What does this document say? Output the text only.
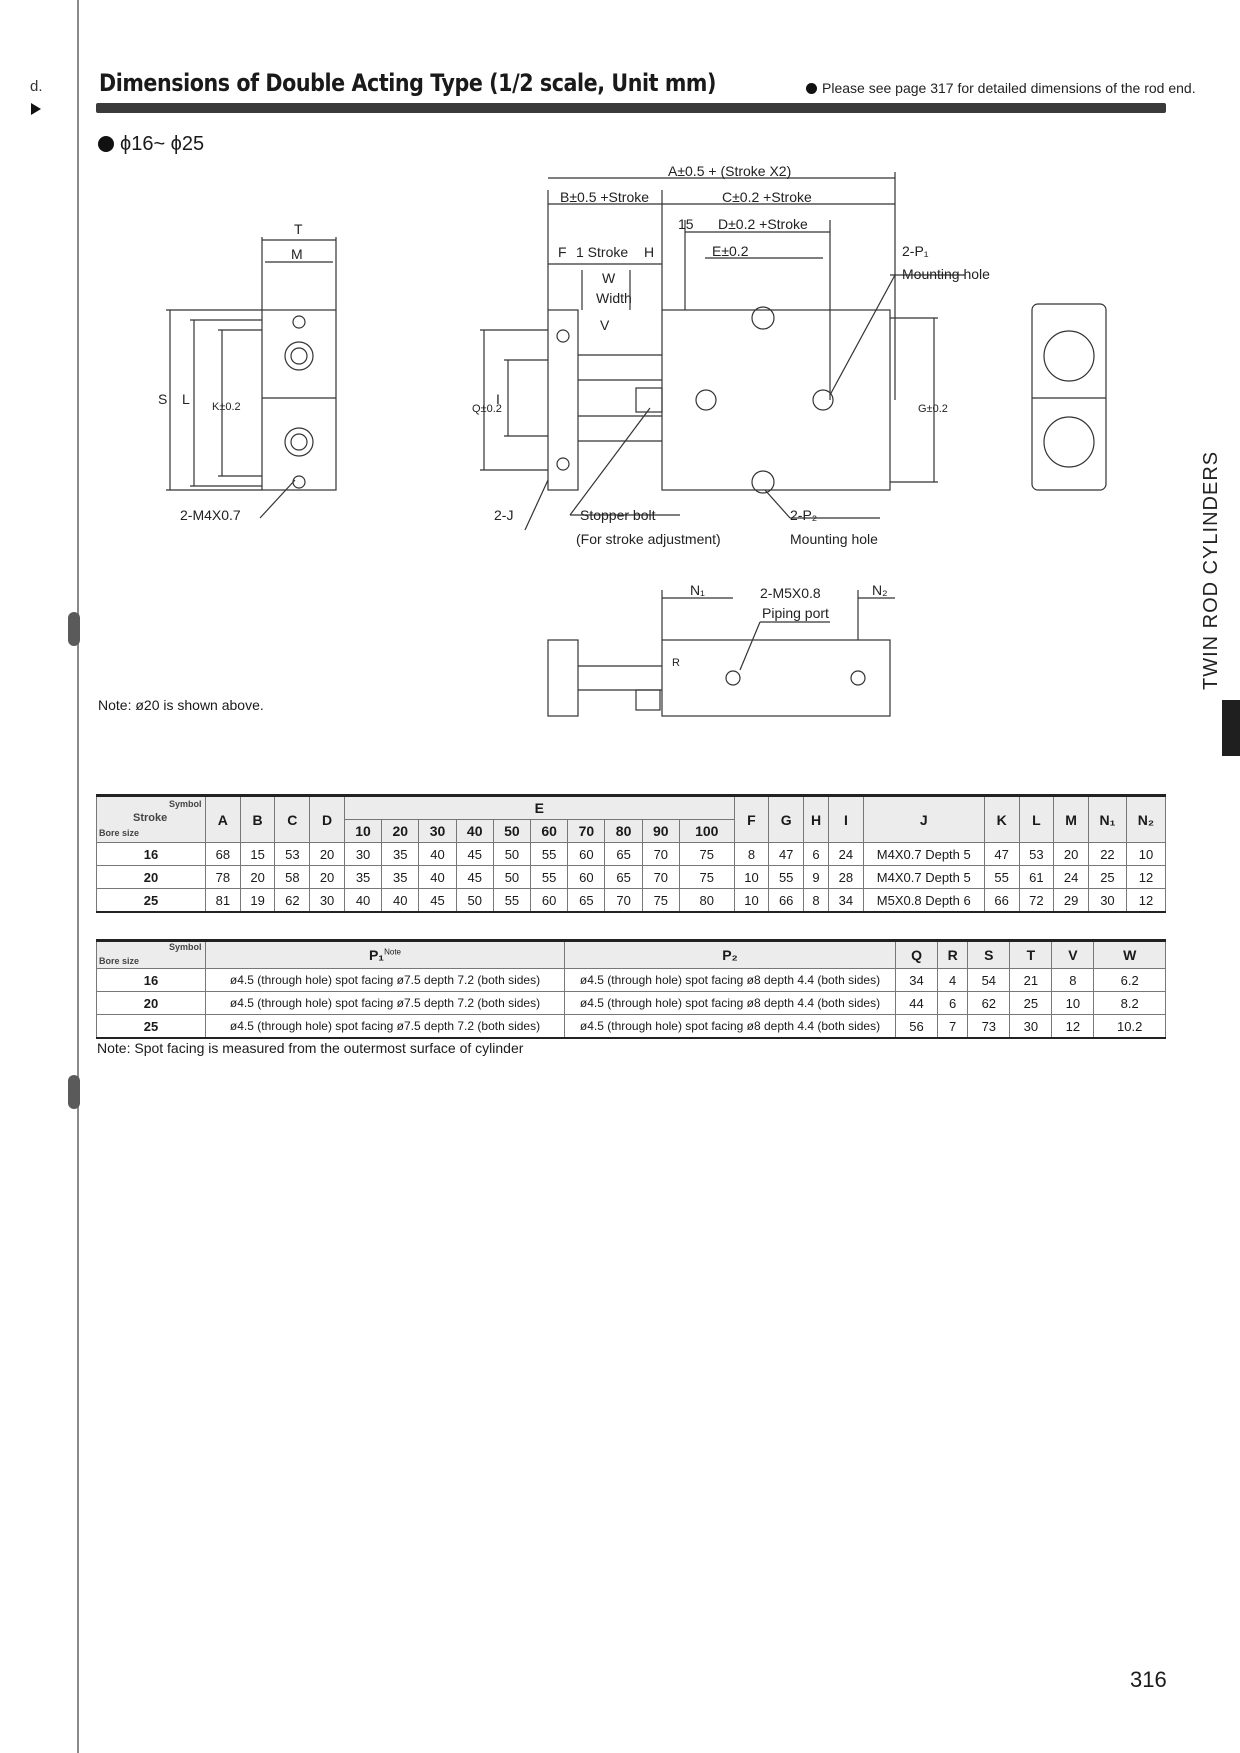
d. Dimensions of Double Acting Type (1/2 scale, Unit mm)	Please see page 317 for detailed dimensions of the rod end.
ϕ16~ ϕ25
TWIN ROD CYLINDERS
A±0.5 + (Stroke X2)
B±0.5 +Stroke	C±0.2 +Stroke
15 D±0.2 +Stroke
E±0.2
F 1 Stroke H
W
Width
V
2-P₁
Mounting hole
T
M
S L K±0.2	Q±0.2
I
G±0.2
2-M4X0.7	2-J	Stopper bolt
(For stroke adjustment)
2-P₂
Mounting hole
N₁	2-M5X0.8
Piping port
N₂
R
Note: ø20 is shown above.
Symbol
Stroke
Bore size	A	B	C	D	E										F	G	H	I	J	K	L	M	N₁	N₂
					10	20	30	40	50	60	70	80	90	100										
16	68	15	53	20	30	35	40	45	50	55	60	65	70	75	8	47	6	24	M4X0.7 Depth 5	47	53	20	22	10
20	78	20	58	20	35	35	40	45	50	55	60	65	70	75	10	55	9	28	M4X0.7 Depth 5	55	61	24	25	12
25	81	19	62	30	40	40	45	50	55	60	65	70	75	80	10	66	8	34	M5X0.8 Depth 6	66	72	29	30	12
Symbol
Bore size	P₁$^{Note}$	P₂	Q	R	S	T	V	W
16	ø4.5 (through hole) spot facing ø7.5 depth 7.2 (both sides)	ø4.5 (through hole) spot facing ø8 depth 4.4 (both sides)	34	4	54	21	8	6.2
20	ø4.5 (through hole) spot facing ø7.5 depth 7.2 (both sides)	ø4.5 (through hole) spot facing ø8 depth 4.4 (both sides)	44	6	62	25	10	8.2
25	ø4.5 (through hole) spot facing ø7.5 depth 7.2 (both sides)	ø4.5 (through hole) spot facing ø8 depth 4.4 (both sides)	56	7	73	30	12	10.2
Note: Spot facing is measured from the outermost surface of cylinder
316
